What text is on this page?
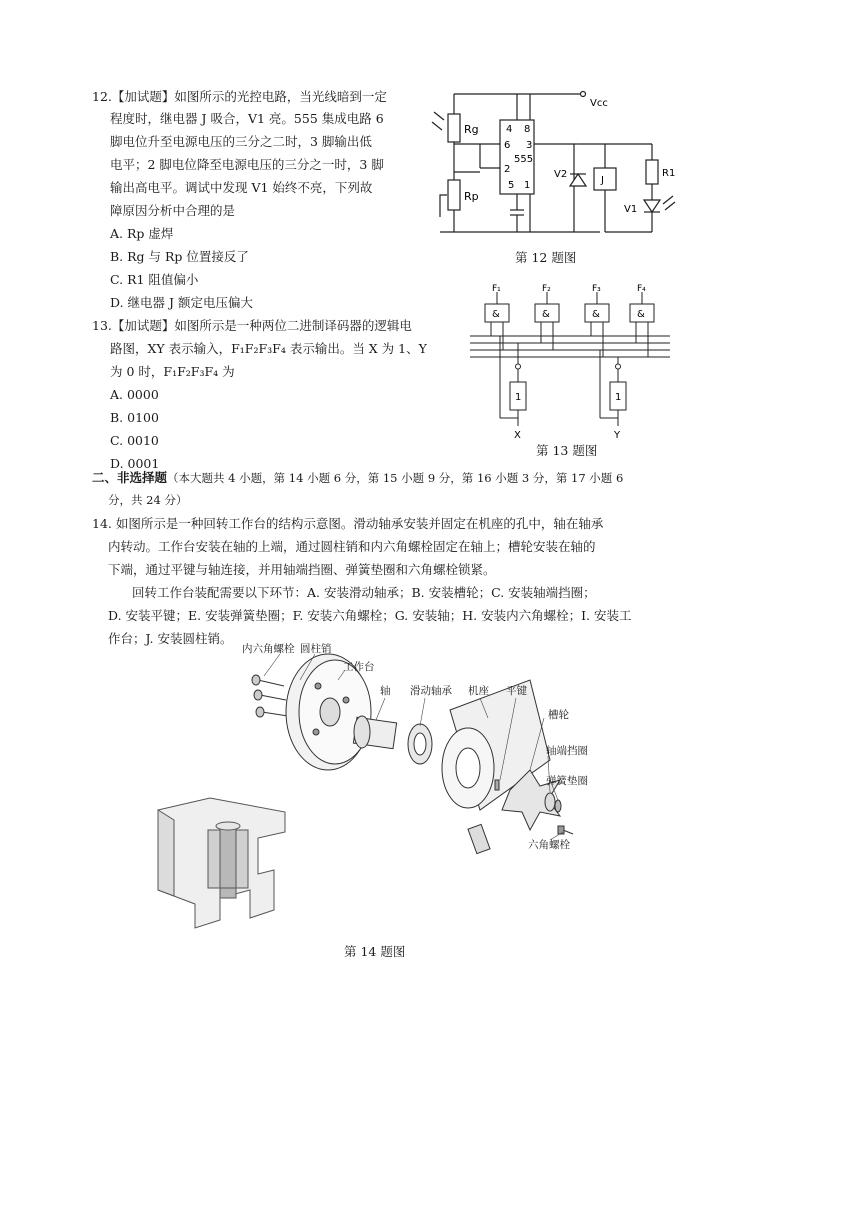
12.【加试题】如图所示的光控电路，当光线暗到一定
程度时，继电器 J 吸合，V1 亮。555 集成电路 6
脚电位升至电源电压的三分之二时，3 脚输出低
电平；2 脚电位降至电源电压的三分之一时，3 脚
输出高电平。调试中发现 V1 始终不亮，下列故
障原因分析中合理的是
A. Rp 虚焊
B. Rg 与 Rp 位置接反了
C. R1 阻值偏小
D. 继电器 J 额定电压偏大
Vcc
Rg
Rp
4 8
6 3
555
2
5 1
V2
J
R1
V1
第 12 题图
13.【加试题】如图所示是一种两位二进制译码器的逻辑电
路图，XY 表示输入，F₁F₂F₃F₄ 表示输出。当 X 为 1、Y
为 0 时，F₁F₂F₃F₄ 为
A. 0000
B. 0100
C. 0010
D. 0001
F₁	F₂	F₃	F₄
&	&	&	&
1	1
X	Y
第 13 题图
二、非选择题（本大题共 4 小题，第 14 小题 6 分，第 15 小题 9 分，第 16 小题 3 分，第 17 小题 6
分，共 24 分）
14. 如图所示是一种回转工作台的结构示意图。滑动轴承安装并固定在机座的孔中，轴在轴承
内转动。工作台安装在轴的上端，通过圆柱销和内六角螺栓固定在轴上；槽轮安装在轴的
下端，通过平键与轴连接，并用轴端挡圈、弹簧垫圈和六角螺栓锁紧。
回转工作台装配需要以下环节：A. 安装滑动轴承；B. 安装槽轮；C. 安装轴端挡圈；
D. 安装平键；E. 安装弹簧垫圈；F. 安装六角螺栓；G. 安装轴；H. 安装内六角螺栓；I. 安装工
作台；J. 安装圆柱销。
内六角螺栓 圆柱销
工作台
轴 滑动轴承 机座 平键
槽轮
轴端挡圈
弹簧垫圈
六角螺栓
第 14 题图
